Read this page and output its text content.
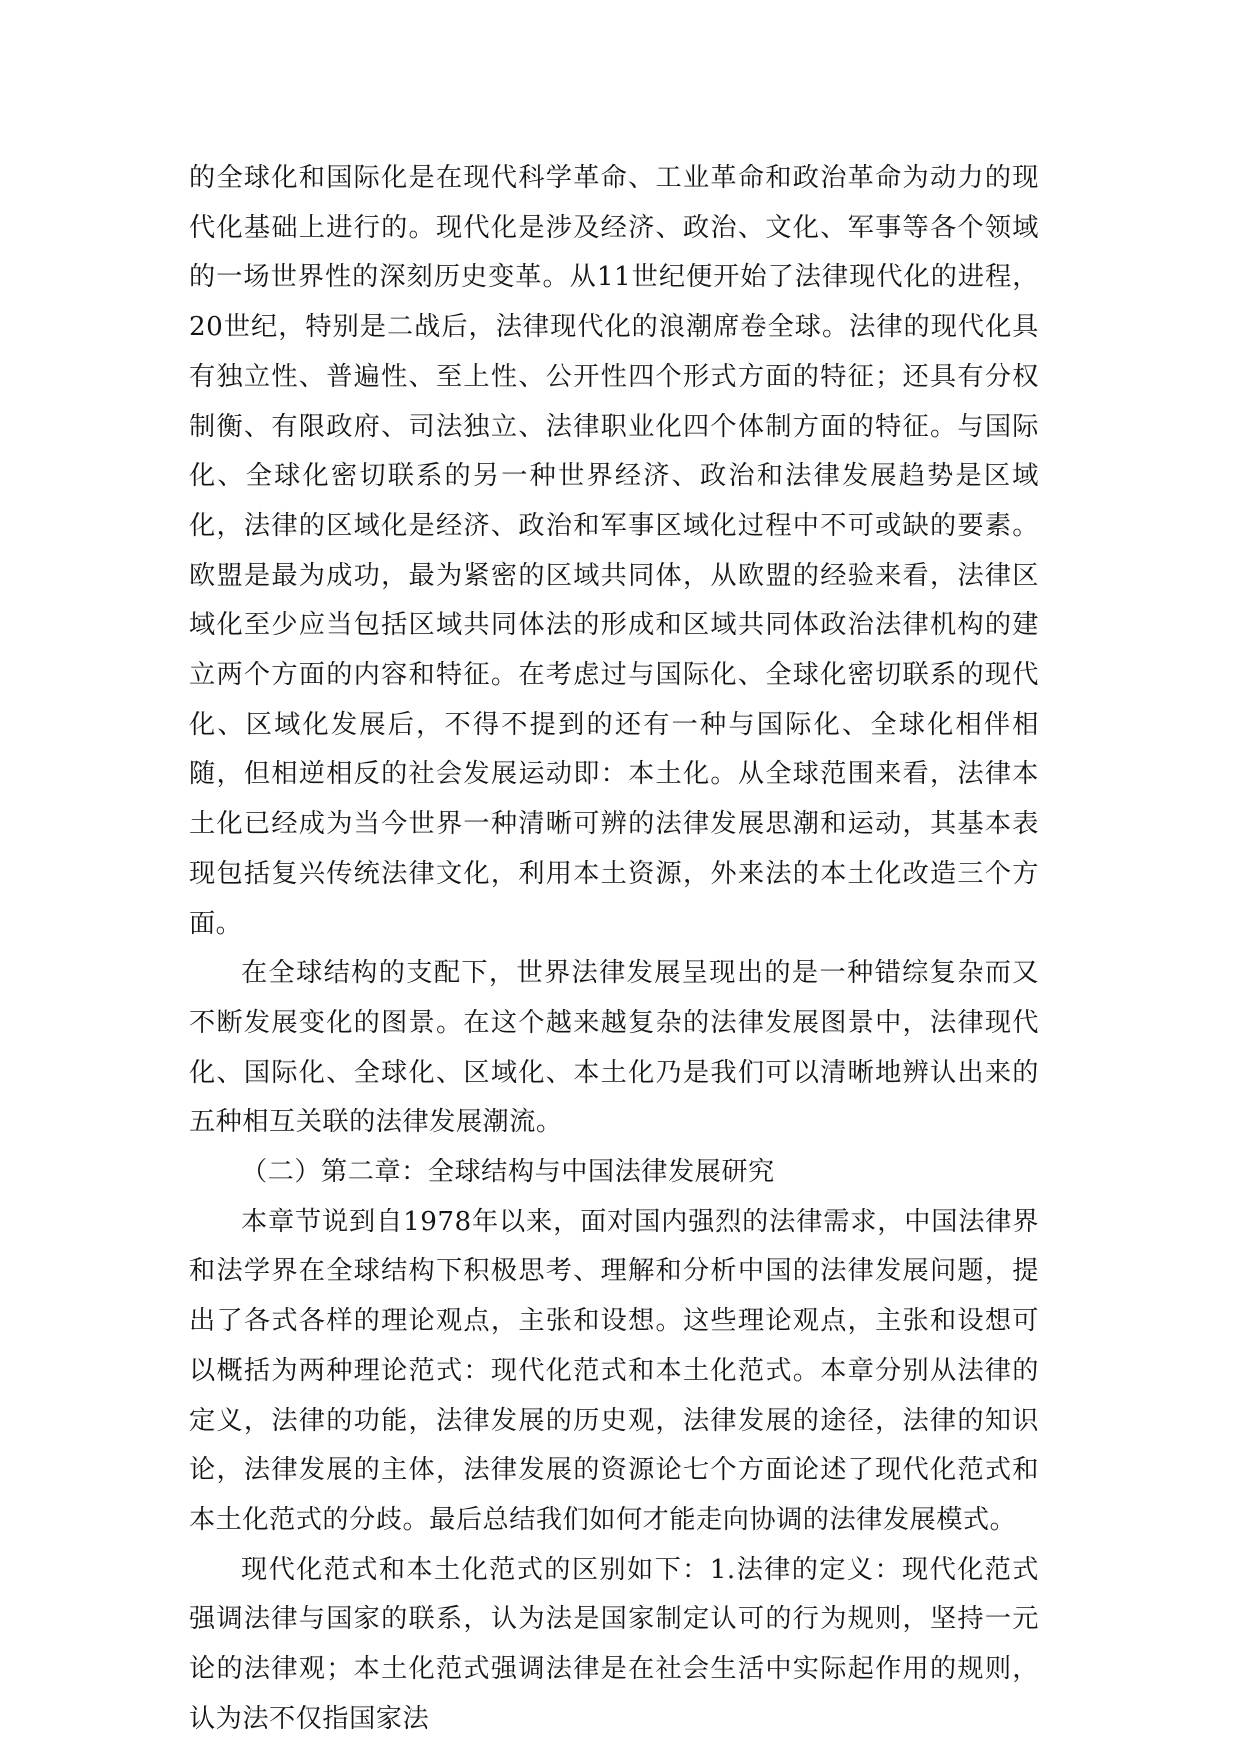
的全球化和国际化是在现代科学革命、工业革命和政治革命为动力的现代化基础上进行的。现代化是涉及经济、政治、文化、军事等各个领域的一场世界性的深刻历史变革。从11世纪便开始了法律现代化的进程，20世纪，特别是二战后，法律现代化的浪潮席卷全球。法律的现代化具有独立性、普遍性、至上性、公开性四个形式方面的特征；还具有分权制衡、有限政府、司法独立、法律职业化四个体制方面的特征。与国际化、全球化密切联系的另一种世界经济、政治和法律发展趋势是区域化，法律的区域化是经济、政治和军事区域化过程中不可或缺的要素。欧盟是最为成功，最为紧密的区域共同体，从欧盟的经验来看，法律区域化至少应当包括区域共同体法的形成和区域共同体政治法律机构的建立两个方面的内容和特征。在考虑过与国际化、全球化密切联系的现代化、区域化发展后，不得不提到的还有一种与国际化、全球化相伴相随，但相逆相反的社会发展运动即：本土化。从全球范围来看，法律本土化已经成为当今世界一种清晰可辨的法律发展思潮和运动，其基本表现包括复兴传统法律文化，利用本土资源，外来法的本土化改造三个方面。

在全球结构的支配下，世界法律发展呈现出的是一种错综复杂而又不断发展变化的图景。在这个越来越复杂的法律发展图景中，法律现代化、国际化、全球化、区域化、本土化乃是我们可以清晰地辨认出来的五种相互关联的法律发展潮流。

（二）第二章：全球结构与中国法律发展研究

本章节说到自1978年以来，面对国内强烈的法律需求，中国法律界和法学界在全球结构下积极思考、理解和分析中国的法律发展问题，提出了各式各样的理论观点，主张和设想。这些理论观点，主张和设想可以概括为两种理论范式：现代化范式和本土化范式。本章分别从法律的定义，法律的功能，法律发展的历史观，法律发展的途径，法律的知识论，法律发展的主体，法律发展的资源论七个方面论述了现代化范式和本土化范式的分歧。最后总结我们如何才能走向协调的法律发展模式。

现代化范式和本土化范式的区别如下：1.法律的定义：现代化范式强调法律与国家的联系，认为法是国家制定认可的行为规则，坚持一元论的法律观；本土化范式强调法律是在社会生活中实际起作用的规则，认为法不仅指国家法
